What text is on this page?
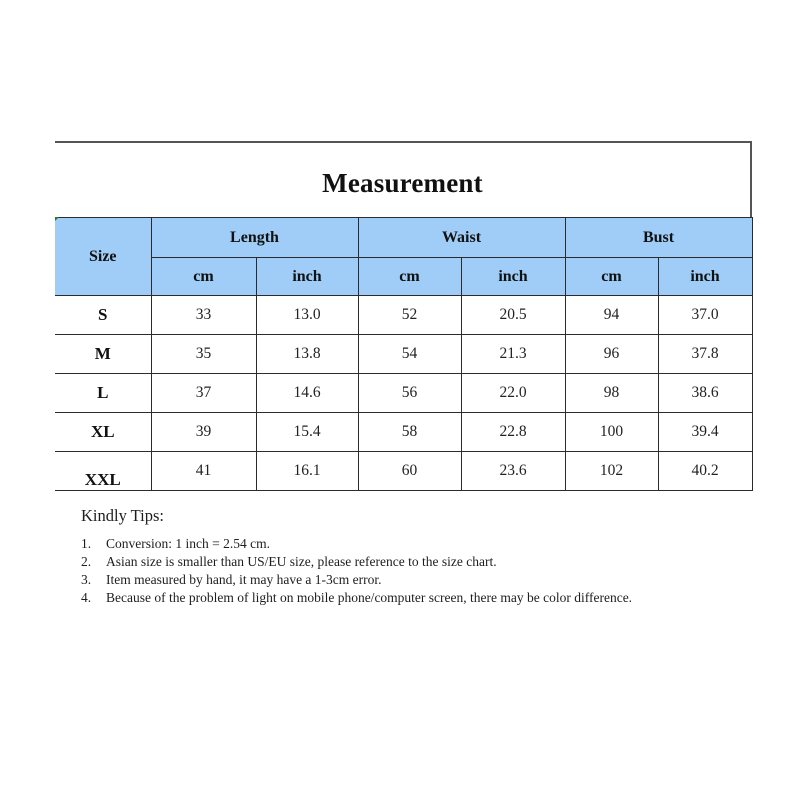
Measurement
Size	Length		Waist		Bust	
	cm	inch	cm	inch	cm	inch
S	33	13.0	52	20.5	94	37.0
M	35	13.8	54	21.3	96	37.8
L	37	14.6	56	22.0	98	38.6
XL	39	15.4	58	22.8	100	39.4
XXL	41	16.1	60	23.6	102	40.2
Kindly Tips:
1.	Conversion: 1 inch = 2.54 cm.
2.	Asian size is smaller than US/EU size, please reference to the size chart.
3.	Item measured by hand, it may have a 1-3cm error.
4.	Because of the problem of light on mobile phone/computer screen, there may be color difference.
